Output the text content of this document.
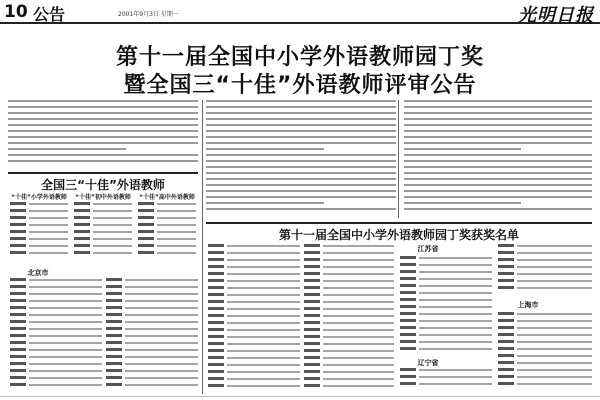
10 公告	2001年9月3日 星期一	光明日报
第十一届全国中小学外语教师园丁奖
暨全国三“十佳”外语教师评审公告
全国三“十佳”外语教师
“十佳”小学外语教师	“十佳”初中外语教师	“十佳”高中外语教师
第十一届全国中小学外语教师园丁奖获奖名单
北京市
江苏省
上海市
辽宁省
